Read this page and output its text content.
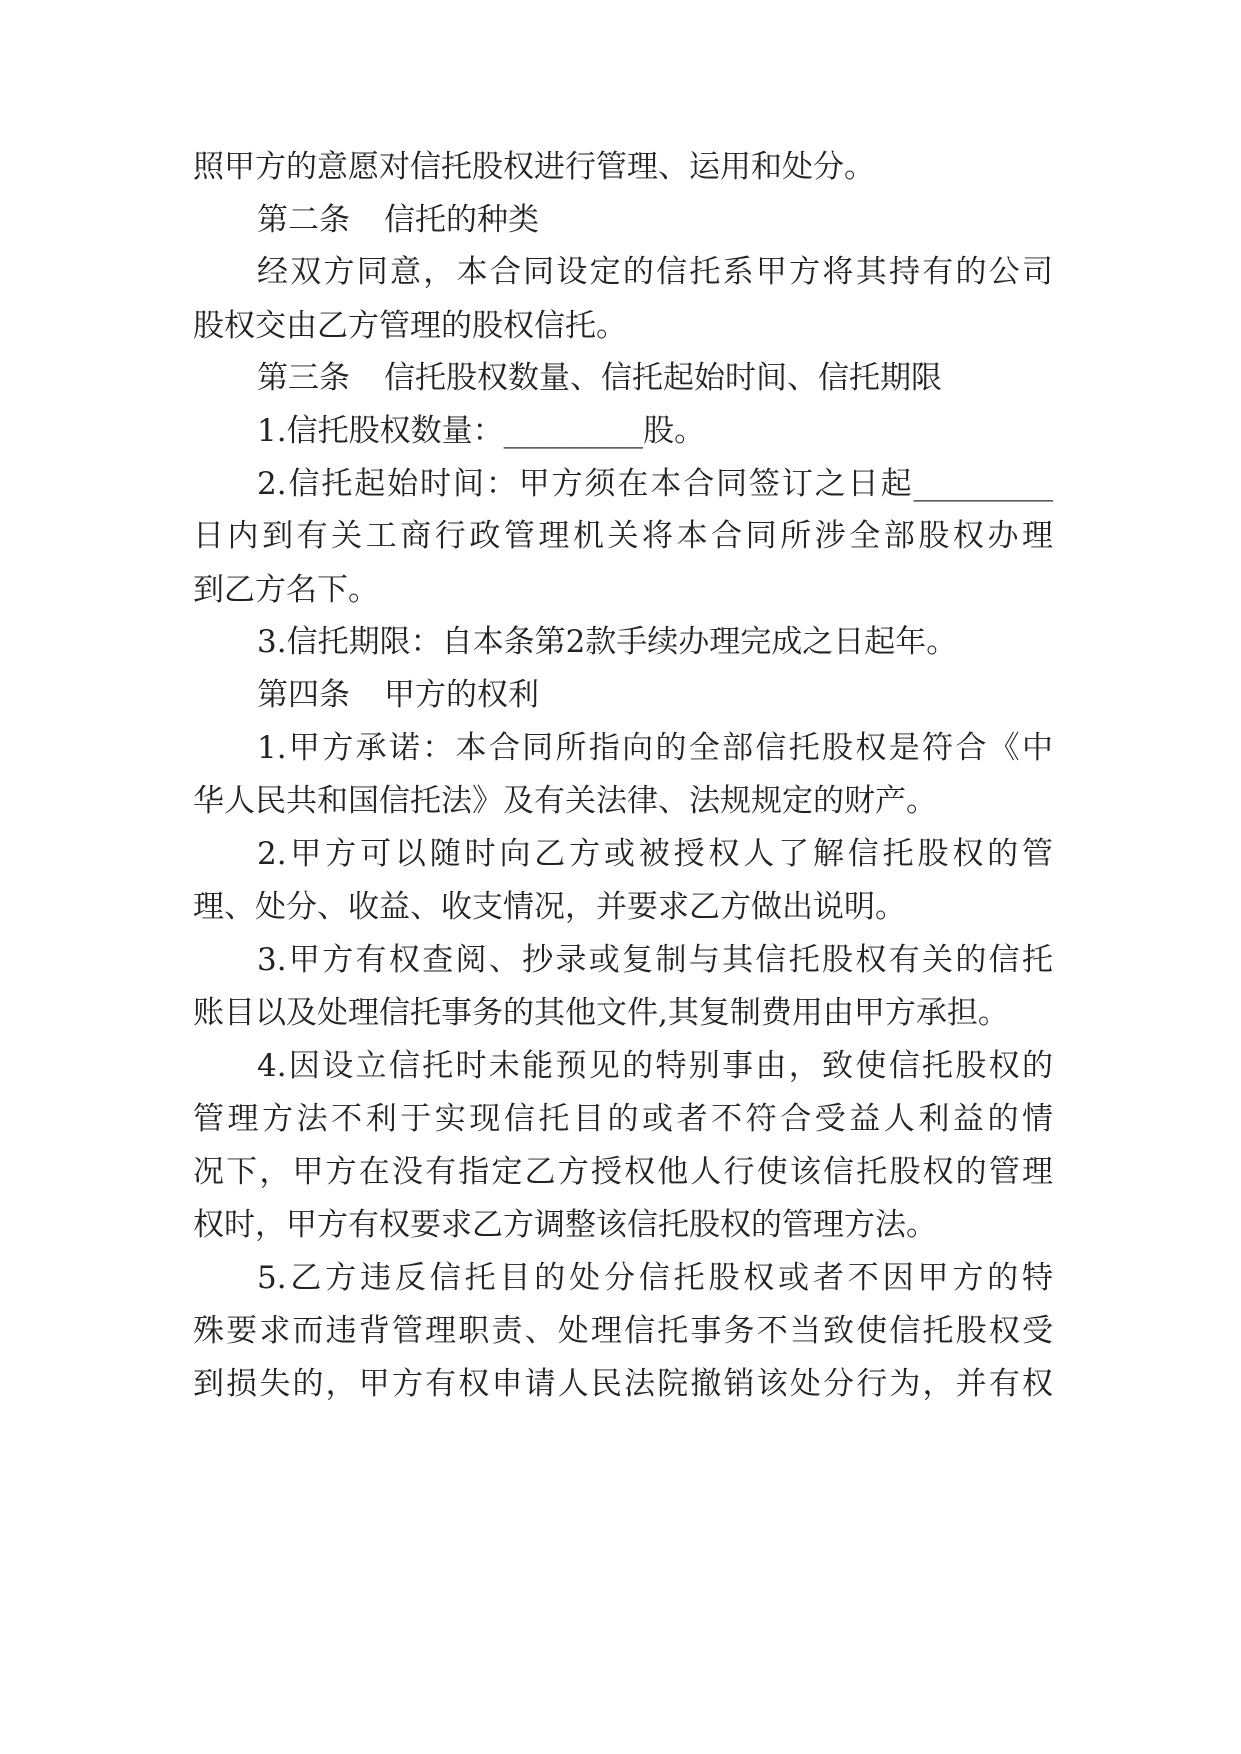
照甲方的意愿对信托股权进行管理、运用和处分。
第二条 信托的种类
经双方同意，本合同设定的信托系甲方将其持有的公司
股权交由乙方管理的股权信托。
第三条 信托股权数量、信托起始时间、信托期限
1.信托股权数量：_________股。
2.信托起始时间：甲方须在本合同签订之日起_________
日内到有关工商行政管理机关将本合同所涉全部股权办理
到乙方名下。
3.信托期限：自本条第2款手续办理完成之日起年。
第四条 甲方的权利
1.甲方承诺：本合同所指向的全部信托股权是符合《中
华人民共和国信托法》及有关法律、法规规定的财产。
2.甲方可以随时向乙方或被授权人了解信托股权的管
理、处分、收益、收支情况，并要求乙方做出说明。
3.甲方有权查阅、抄录或复制与其信托股权有关的信托
账目以及处理信托事务的其他文件,其复制费用由甲方承担。
4.因设立信托时未能预见的特别事由，致使信托股权的
管理方法不利于实现信托目的或者不符合受益人利益的情
况下，甲方在没有指定乙方授权他人行使该信托股权的管理
权时，甲方有权要求乙方调整该信托股权的管理方法。
5.乙方违反信托目的处分信托股权或者不因甲方的特
殊要求而违背管理职责、处理信托事务不当致使信托股权受
到损失的，甲方有权申请人民法院撤销该处分行为，并有权
